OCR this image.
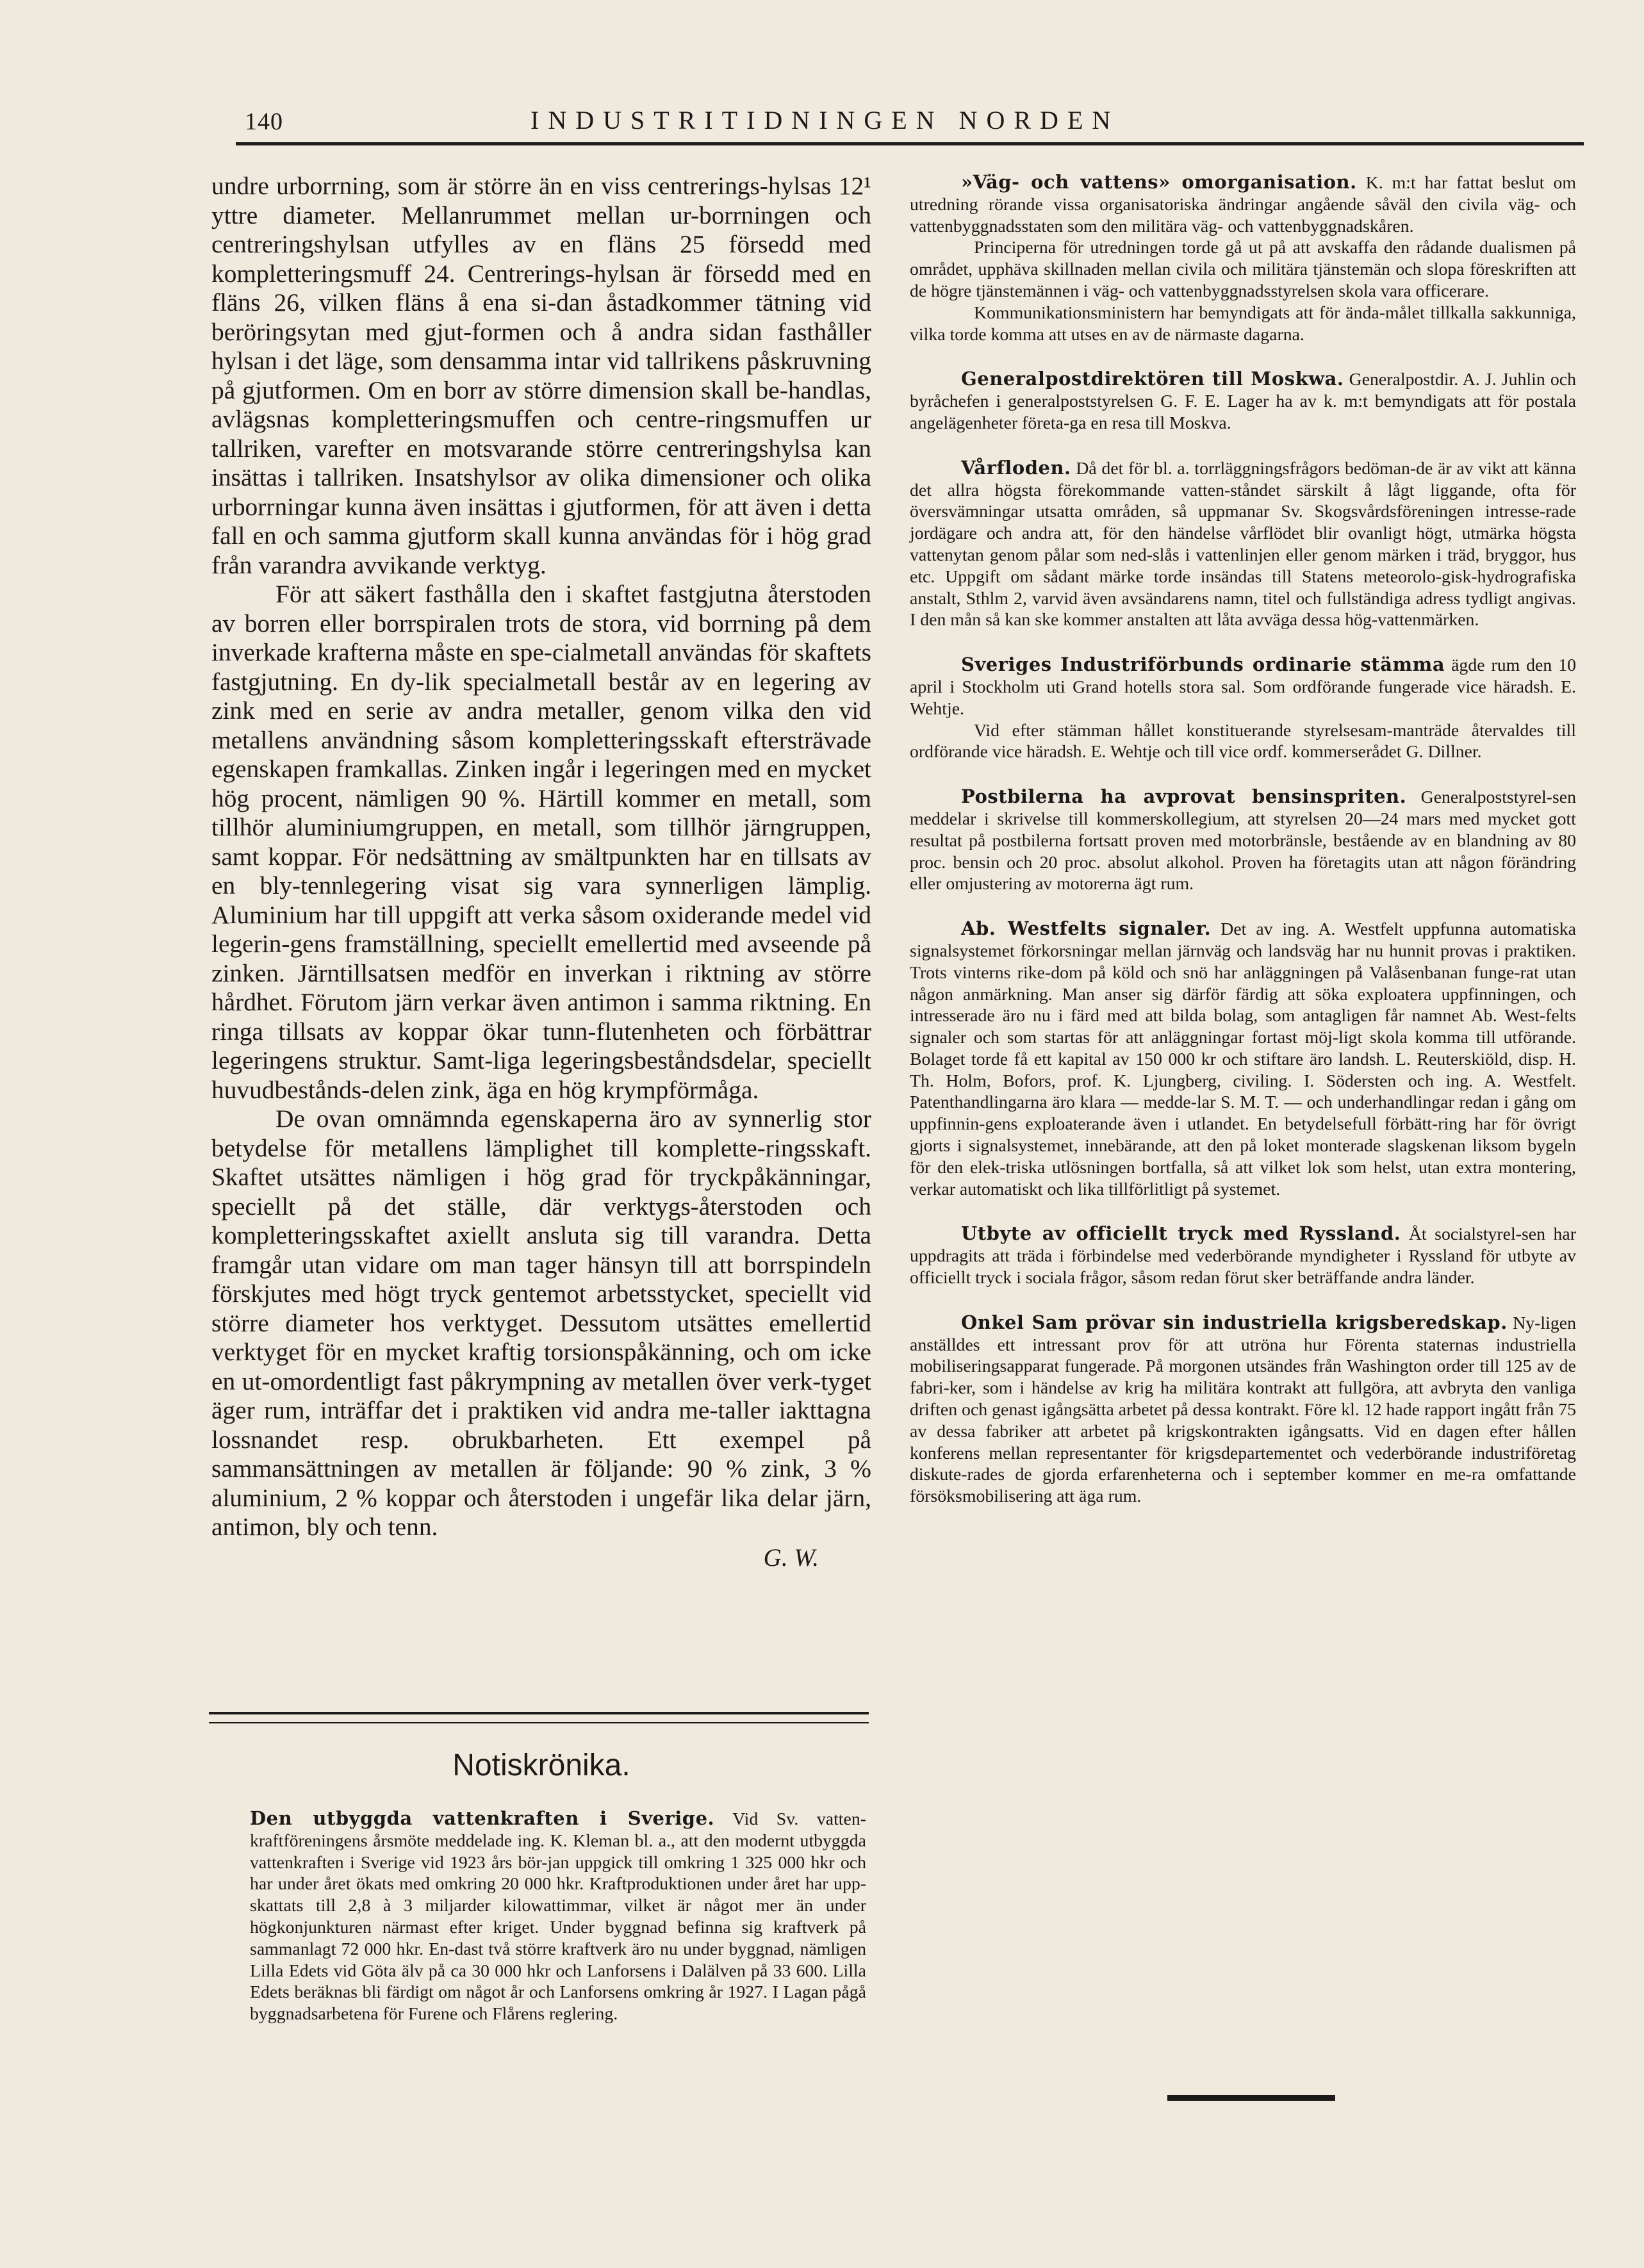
140	INDUSTRITIDNINGEN NORDEN

undre urborrning, som är större än en viss centrerings-hylsas 12¹ yttre diameter. Mellanrummet mellan ur-borrningen och centreringshylsan utfylles av en fläns 25 försedd med kompletteringsmuff 24. Centrerings-hylsan är försedd med en fläns 26, vilken fläns å ena si-dan åstadkommer tätning vid beröringsytan med gjut-formen och å andra sidan fasthåller hylsan i det läge, som densamma intar vid tallrikens påskruvning på gjutformen. Om en borr av större dimension skall be-handlas, avlägsnas kompletteringsmuffen och centre-ringsmuffen ur tallriken, varefter en motsvarande större centreringshylsa kan insättas i tallriken. Insatshylsor av olika dimensioner och olika urborrningar kunna även insättas i gjutformen, för att även i detta fall en och samma gjutform skall kunna användas för i hög grad från varandra avvikande verktyg.

För att säkert fasthålla den i skaftet fastgjutna återstoden av borren eller borrspiralen trots de stora, vid borrning på dem inverkade krafterna måste en spe-cialmetall användas för skaftets fastgjutning. En dy-lik specialmetall består av en legering av zink med en serie av andra metaller, genom vilka den vid metallens användning såsom kompletteringsskaft eftersträvade egenskapen framkallas. Zinken ingår i legeringen med en mycket hög procent, nämligen 90 %. Härtill kommer en metall, som tillhör aluminiumgruppen, en metall, som tillhör järngruppen, samt koppar. För nedsättning av smältpunkten har en tillsats av en bly-tennlegering visat sig vara synnerligen lämplig. Aluminium har till uppgift att verka såsom oxiderande medel vid legerin-gens framställning, speciellt emellertid med avseende på zinken. Järntillsatsen medför en inverkan i riktning av större hårdhet. Förutom järn verkar även antimon i samma riktning. En ringa tillsats av koppar ökar tunn-flutenheten och förbättrar legeringens struktur. Samt-liga legeringsbeståndsdelar, speciellt huvudbestånds-delen zink, äga en hög krympförmåga.

De ovan omnämnda egenskaperna äro av synnerlig stor betydelse för metallens lämplighet till komplette-ringsskaft. Skaftet utsättes nämligen i hög grad för tryckpåkänningar, speciellt på det ställe, där verktygs-återstoden och kompletteringsskaftet axiellt ansluta sig till varandra. Detta framgår utan vidare om man tager hänsyn till att borrspindeln förskjutes med högt tryck gentemot arbetsstycket, speciellt vid större diameter hos verktyget. Dessutom utsättes emellertid verktyget för en mycket kraftig torsionspåkänning, och om icke en ut-omordentligt fast påkrympning av metallen över verk-tyget äger rum, inträffar det i praktiken vid andra me-taller iakttagna lossnandet resp. obrukbarheten. Ett exempel på sammansättningen av metallen är följande: 90 % zink, 3 % aluminium, 2 % koppar och återstoden i ungefär lika delar järn, antimon, bly och tenn.

G. W.
Notiskrönika.

Den utbyggda vattenkraften i Sverige. Vid Sv. vatten-kraftföreningens årsmöte meddelade ing. K. Kleman bl. a., att den modernt utbyggda vattenkraften i Sverige vid 1923 års bör-jan uppgick till omkring 1 325 000 hkr och har under året ökats med omkring 20 000 hkr. Kraftproduktionen under året har upp-skattats till 2,8 à 3 miljarder kilowattimmar, vilket är något mer än under högkonjunkturen närmast efter kriget. Under byggnad befinna sig kraftverk på sammanlagt 72 000 hkr. En-dast två större kraftverk äro nu under byggnad, nämligen Lilla Edets vid Göta älv på ca 30 000 hkr och Lanforsens i Dalälven på 33 600. Lilla Edets beräknas bli färdigt om något år och Lanforsens omkring år 1927. I Lagan pågå byggnadsarbetena för Furene och Flårens reglering.

»Väg- och vattens» omorganisation. K. m:t har fattat beslut om utredning rörande vissa organisatoriska ändringar angående såväl den civila väg- och vattenbyggnadsstaten som den militära väg- och vattenbyggnadskåren.

Principerna för utredningen torde gå ut på att avskaffa den rådande dualismen på området, upphäva skillnaden mellan civila och militära tjänstemän och slopa föreskriften att de högre tjänstemännen i väg- och vattenbyggnadsstyrelsen skola vara officerare.

Kommunikationsministern har bemyndigats att för ända-målet tillkalla sakkunniga, vilka torde komma att utses en av de närmaste dagarna.

Generalpostdirektören till Moskwa. Generalpostdir. A. J. Juhlin och byråchefen i generalpoststyrelsen G. F. E. Lager ha av k. m:t bemyndigats att för postala angelägenheter företa-ga en resa till Moskva.

Vårfloden. Då det för bl. a. torrläggningsfrågors bedöman-de är av vikt att känna det allra högsta förekommande vatten-ståndet särskilt å lågt liggande, ofta för översvämningar utsatta områden, så uppmanar Sv. Skogsvårdsföreningen intresse-rade jordägare och andra att, för den händelse vårflödet blir ovanligt högt, utmärka högsta vattenytan genom pålar som ned-slås i vattenlinjen eller genom märken i träd, bryggor, hus etc. Uppgift om sådant märke torde insändas till Statens meteorolo-gisk-hydrografiska anstalt, Sthlm 2, varvid även avsändarens namn, titel och fullständiga adress tydligt angivas. I den mån så kan ske kommer anstalten att låta avväga dessa hög-vattenmärken.

Sveriges Industriförbunds ordinarie stämma ägde rum den 10 april i Stockholm uti Grand hotells stora sal. Som ordförande fungerade vice häradsh. E. Wehtje.

Vid efter stämman hållet konstituerande styrelsesam-manträde återvaldes till ordförande vice häradsh. E. Wehtje och till vice ordf. kommerserådet G. Dillner.

Postbilerna ha avprovat bensinspriten. Generalpoststyrel-sen meddelar i skrivelse till kommerskollegium, att styrelsen 20—24 mars med mycket gott resultat på postbilerna fortsatt proven med motorbränsle, bestående av en blandning av 80 proc. bensin och 20 proc. absolut alkohol. Proven ha företagits utan att någon förändring eller omjustering av motorerna ägt rum.

Ab. Westfelts signaler. Det av ing. A. Westfelt uppfunna automatiska signalsystemet förkorsningar mellan järnväg och landsväg har nu hunnit provas i praktiken. Trots vinterns rike-dom på köld och snö har anläggningen på Valåsenbanan funge-rat utan någon anmärkning. Man anser sig därför färdig att söka exploatera uppfinningen, och intresserade äro nu i färd med att bilda bolag, som antagligen får namnet Ab. West-felts signaler och som startas för att anläggningar fortast möj-ligt skola komma till utförande. Bolaget torde få ett kapital av 150 000 kr och stiftare äro landsh. L. Reuterskiöld, disp. H. Th. Holm, Bofors, prof. K. Ljungberg, civiling. I. Södersten och ing. A. Westfelt. Patenthandlingarna äro klara — medde-lar S. M. T. — och underhandlingar redan i gång om uppfinnin-gens exploaterande även i utlandet. En betydelsefull förbätt-ring har för övrigt gjorts i signalsystemet, innebärande, att den på loket monterade slagskenan liksom bygeln för den elek-triska utlösningen bortfalla, så att vilket lok som helst, utan extra montering, verkar automatiskt och lika tillförlitligt på systemet.

Utbyte av officiellt tryck med Ryssland. Åt socialstyrel-sen har uppdragits att träda i förbindelse med vederbörande myndigheter i Ryssland för utbyte av officiellt tryck i sociala frågor, såsom redan förut sker beträffande andra länder.

Onkel Sam prövar sin industriella krigsberedskap. Ny-ligen anställdes ett intressant prov för att utröna hur Förenta staternas industriella mobiliseringsapparat fungerade. På morgonen utsändes från Washington order till 125 av de fabri-ker, som i händelse av krig ha militära kontrakt att fullgöra, att avbryta den vanliga driften och genast igångsätta arbetet på dessa kontrakt. Före kl. 12 hade rapport ingått från 75 av dessa fabriker att arbetet på krigskontrakten igångsatts. Vid en dagen efter hållen konferens mellan representanter för krigsdepartementet och vederbörande industriföretag diskute-rades de gjorda erfarenheterna och i september kommer en me-ra omfattande försöksmobilisering att äga rum.
